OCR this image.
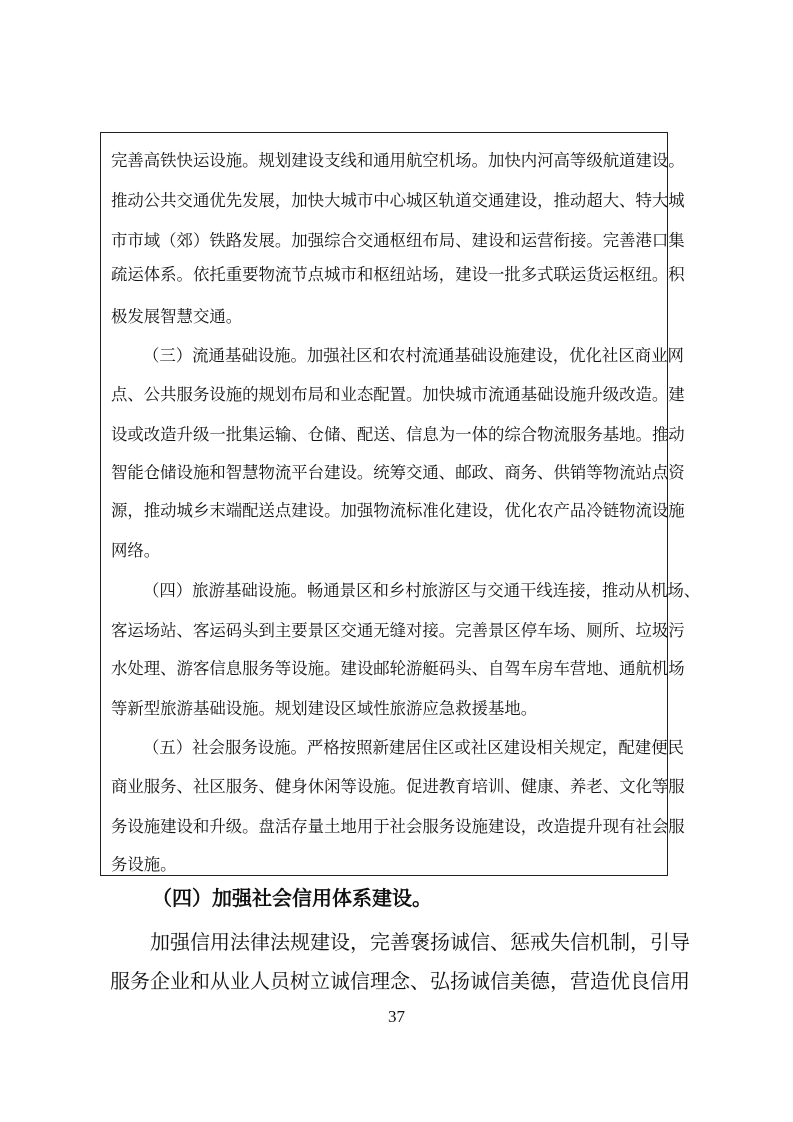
完善高铁快运设施。规划建设支线和通用航空机场。加快内河高等级航道建设。
推动公共交通优先发展，加快大城市中心城区轨道交通建设，推动超大、特大城
市市域（郊）铁路发展。加强综合交通枢纽布局、建设和运营衔接。完善港口集
疏运体系。依托重要物流节点城市和枢纽站场，建设一批多式联运货运枢纽。积
极发展智慧交通。
（三）流通基础设施。加强社区和农村流通基础设施建设，优化社区商业网
点、公共服务设施的规划布局和业态配置。加快城市流通基础设施升级改造。建
设或改造升级一批集运输、仓储、配送、信息为一体的综合物流服务基地。推动
智能仓储设施和智慧物流平台建设。统筹交通、邮政、商务、供销等物流站点资
源，推动城乡末端配送点建设。加强物流标准化建设，优化农产品冷链物流设施
网络。
（四）旅游基础设施。畅通景区和乡村旅游区与交通干线连接，推动从机场、
客运场站、客运码头到主要景区交通无缝对接。完善景区停车场、厕所、垃圾污
水处理、游客信息服务等设施。建设邮轮游艇码头、自驾车房车营地、通航机场
等新型旅游基础设施。规划建设区域性旅游应急救援基地。
（五）社会服务设施。严格按照新建居住区或社区建设相关规定，配建便民
商业服务、社区服务、健身休闲等设施。促进教育培训、健康、养老、文化等服
务设施建设和升级。盘活存量土地用于社会服务设施建设，改造提升现有社会服
务设施。
（四）加强社会信用体系建设。
加强信用法律法规建设，完善褒扬诚信、惩戒失信机制，引导
服务企业和从业人员树立诚信理念、弘扬诚信美德，营造优良信用
37
